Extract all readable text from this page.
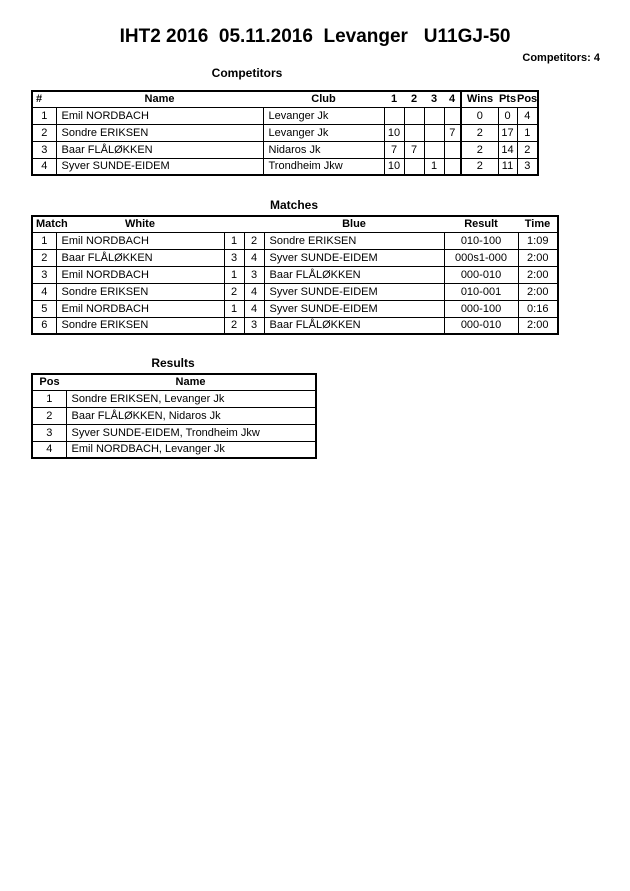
IHT2 2016  05.11.2016  Levanger   U11GJ-50
Competitors: 4
Competitors
#	Name	Club	1	2	3	4	Wins	Pts	Pos
1	Emil NORDBACH	Levanger Jk					0	0	4
2	Sondre ERIKSEN	Levanger Jk	10			7	2	17	1
3	Baar FLÅLØKKEN	Nidaros Jk	7	7			2	14	2
4	Syver SUNDE-EIDEM	Trondheim Jkw	10		1		2	11	3
Matches
Match	White			Blue	Result	Time
1	Emil NORDBACH	1	2	Sondre ERIKSEN	010-100	1:09
2	Baar FLÅLØKKEN	3	4	Syver SUNDE-EIDEM	000s1-000	2:00
3	Emil NORDBACH	1	3	Baar FLÅLØKKEN	000-010	2:00
4	Sondre ERIKSEN	2	4	Syver SUNDE-EIDEM	010-001	2:00
5	Emil NORDBACH	1	4	Syver SUNDE-EIDEM	000-100	0:16
6	Sondre ERIKSEN	2	3	Baar FLÅLØKKEN	000-010	2:00
Results
Pos	Name
1	Sondre ERIKSEN, Levanger Jk
2	Baar FLÅLØKKEN, Nidaros Jk
3	Syver SUNDE-EIDEM, Trondheim Jkw
4	Emil NORDBACH, Levanger Jk
